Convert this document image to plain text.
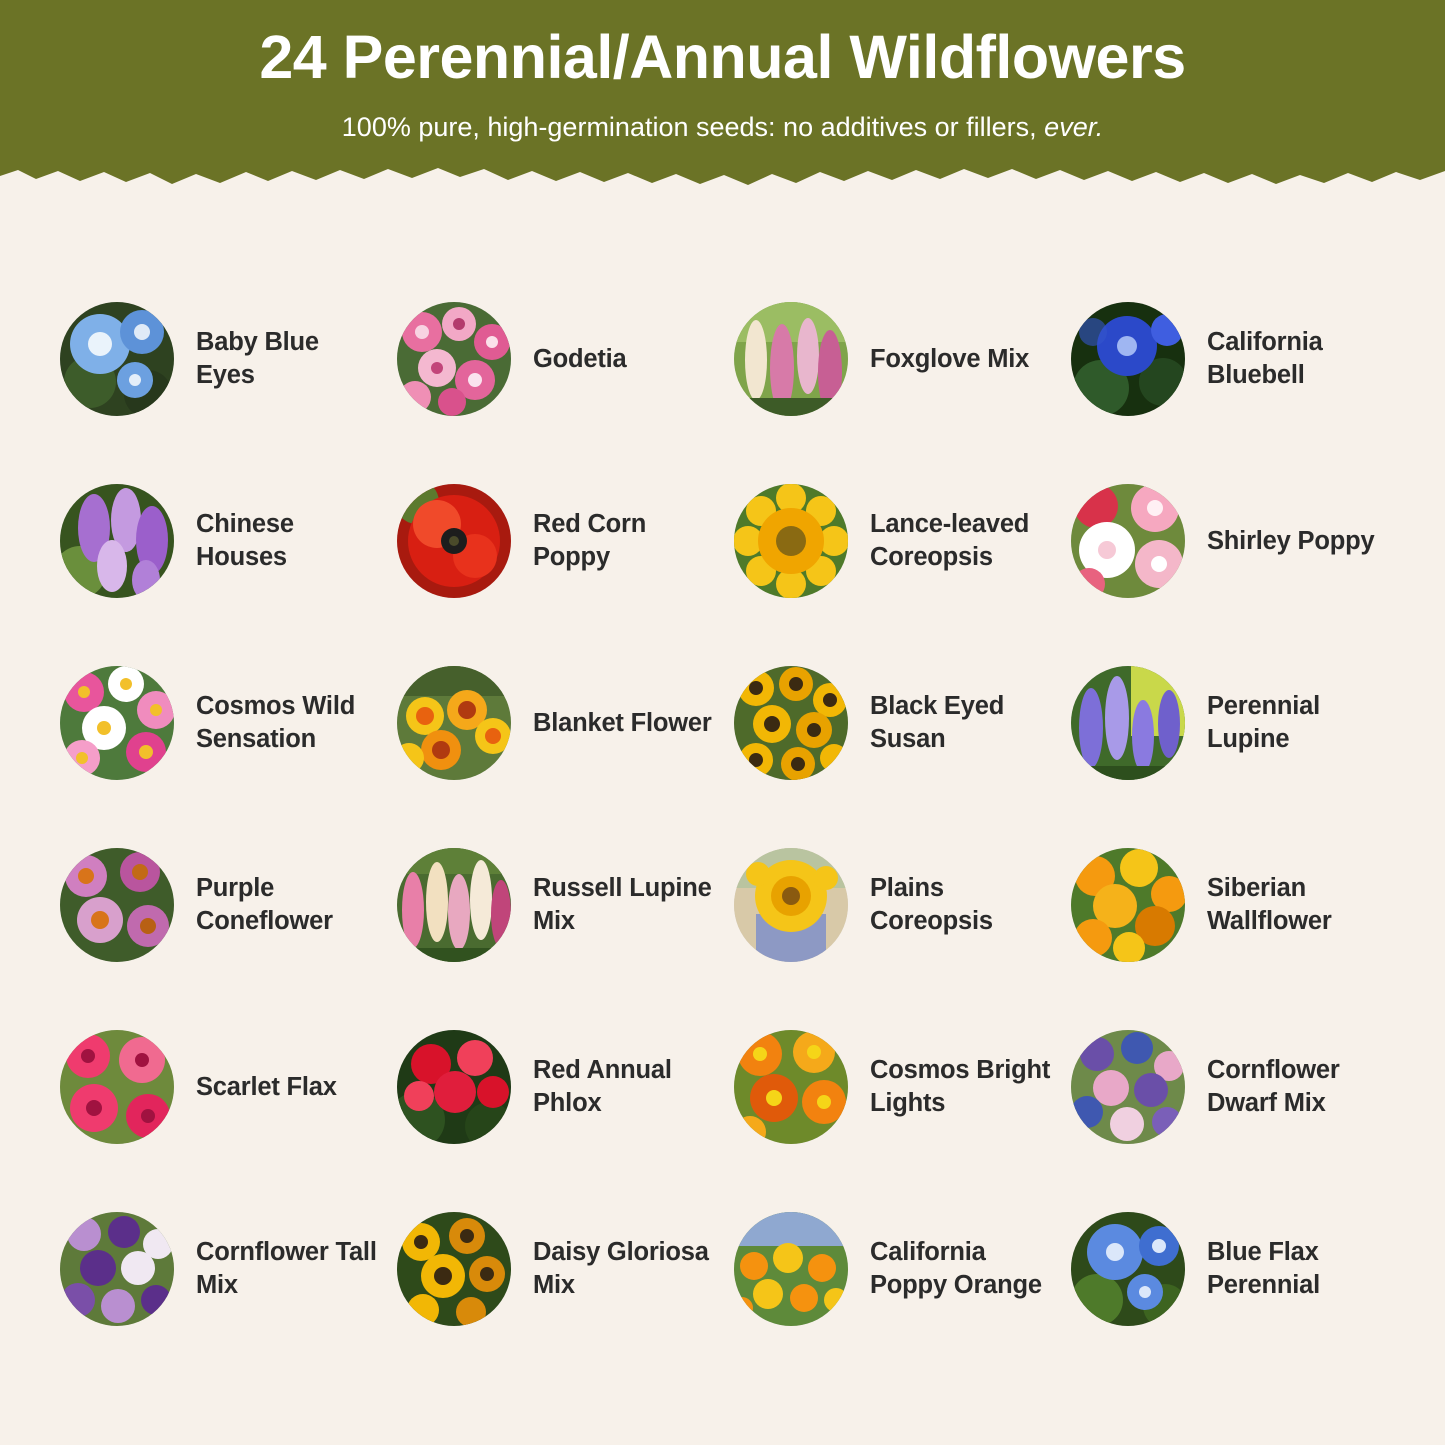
24 Perennial/Annual Wildflowers
100% pure, high-germination seeds: no additives or fillers, ever.
Baby Blue Eyes
Godetia	Foxglove Mix
California Bluebell
Chinese Houses
Red Corn Poppy
Lance-leaved Coreopsis
Shirley Poppy
Cosmos Wild Sensation
Blanket Flower
Black Eyed Susan
Perennial Lupine
Purple Coneflower
Russell Lupine Mix
Plains Coreopsis
Siberian Wallflower
Scarlet Flax
Red Annual Phlox
Cosmos Bright Lights
Cornflower Dwarf Mix
Cornflower Tall Mix
Daisy Gloriosa Mix
California Poppy Orange
Blue Flax Perennial
